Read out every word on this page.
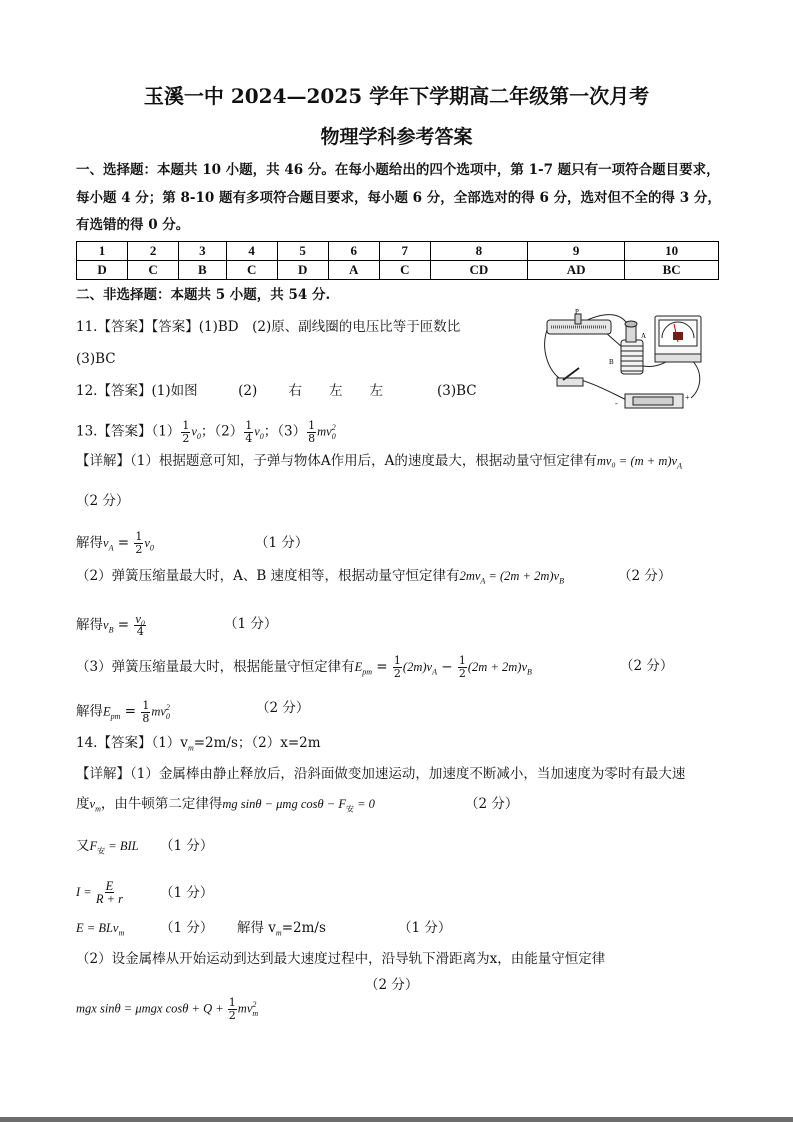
玉溪一中 2024—2025 学年下学期高二年级第一次月考
物理学科参考答案
一、选择题：本题共 10 小题，共 46 分。在每小题给出的四个选项中，第 1-7 题只有一项符合题目要求，
每小题 4 分；第 8-10 题有多项符合题目要求，每小题 6 分，全部选对的得 6 分，选对但不全的得 3 分，
有选错的得 0 分。
1	2	3	4	5	6	7	8	9	10
D	C	B	C	D	A	C	CD	AD	BC
二、非选择题：本题共 5 小题，共 54 分.
11.【答案】【答案】(1)BD　(2)原、副线圈的电压比等于匝数比
(3)BC
12.【答案】(1)如图　　　(2)　　 右　　左　　左　　　　(3)BC
P
A
B
-
+
13.【答案】$(1) \frac{1}{2} v_0$；$(2) \frac{1}{4} v_0$；$(3) \frac{1}{8} mv^2_0$
【详解】（1）根据题意可知，子弹与物体A作用后，A的速度最大，根据动量守恒定律有$mv_0 = (m + m)v_A$
（2 分）
解得$v_A = \frac{1}{2} v_0$	（1 分）
（2）弹簧压缩量最大时，A、B 速度相等，根据动量守恒定律有$2mv_A = (2m + 2m)v_B$	（2 分）
解得$v_B = \frac{\text{v₀}}{4}$	（1 分）
（3）弹簧压缩量最大时，根据能量守恒定律有$E_{pm} = \frac{1}{2} (2m)v_A - \frac{1}{2} (2m + 2m)v_B$	（2 分）
解得$E_{pm} = \frac{1}{8} mv^2_0$
（2 分）
14.【答案】$(1)v_m=2m/s$；（2）x=2m
【详解】（1）金属棒由静止释放后，沿斜面做变加速运动，加速度不断减小，当加速度为零时有最大速
度$v_m$，由牛顿第二定律得mg sinθ − μmg $\cos\theta - F_安 = 0$	（2 分）
又$F_安$ = BIL （1 分）
$I = \frac{E}{R + r}$	（1 分）
E = BLv$_m$	（1 分） 解得 $v_m=2m/s$	（1 分）
（2）设金属棒从开始运动到达到最大速度过程中，沿导轨下滑距离为x，由能量守恒定律
（2 分）
mgx sinθ = μmgx $\cos\theta + Q + \frac{1}{2} mv^2_m$
